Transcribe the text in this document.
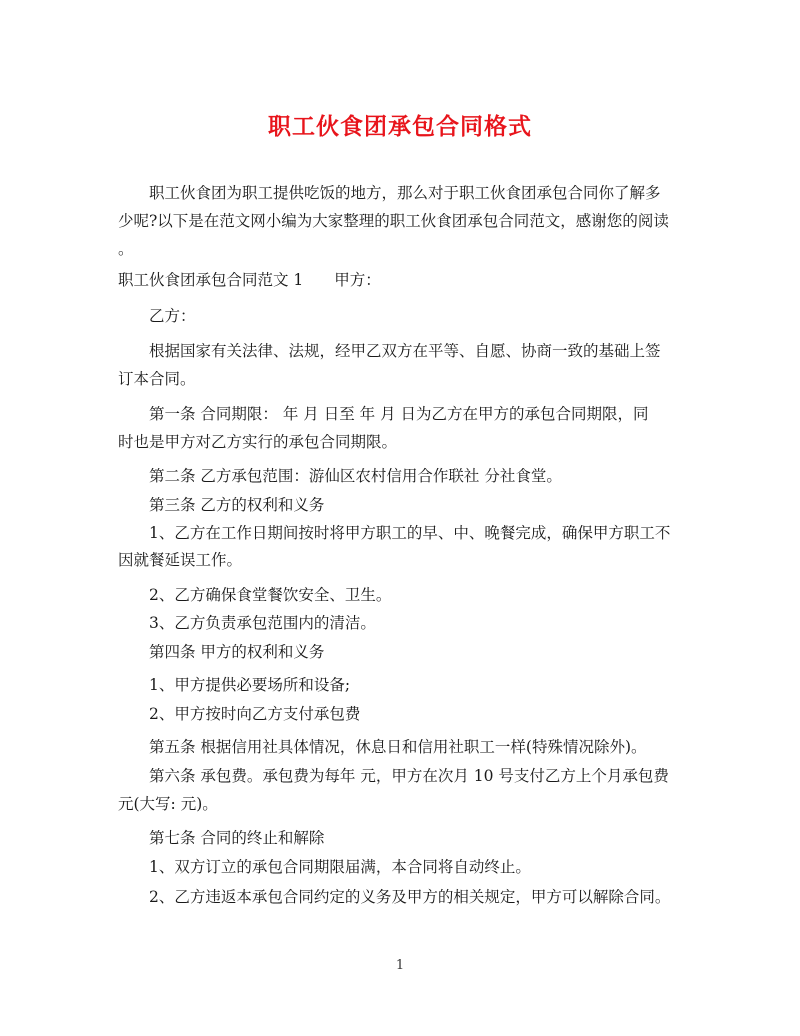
职工伙食团承包合同格式
职工伙食团为职工提供吃饭的地方，那么对于职工伙食团承包合同你了解多
少呢?以下是在范文网小编为大家整理的职工伙食团承包合同范文，感谢您的阅读
。
职工伙食团承包合同范文 1　　甲方：
乙方：
根据国家有关法律、法规，经甲乙双方在平等、自愿、协商一致的基础上签
订本合同。
第一条 合同期限： 年 月 日至 年 月 日为乙方在甲方的承包合同期限，同
时也是甲方对乙方实行的承包合同期限。
第二条 乙方承包范围：游仙区农村信用合作联社 分社食堂。
第三条 乙方的权利和义务
1、乙方在工作日期间按时将甲方职工的早、中、晚餐完成，确保甲方职工不
因就餐延误工作。
2、乙方确保食堂餐饮安全、卫生。
3、乙方负责承包范围内的清洁。
第四条 甲方的权利和义务
1、甲方提供必要场所和设备;
2、甲方按时向乙方支付承包费
第五条 根据信用社具体情况，休息日和信用社职工一样(特殊情况除外)。
第六条 承包费。承包费为每年 元，甲方在次月 10 号支付乙方上个月承包费
元(大写: 元)。
第七条 合同的终止和解除
1、双方订立的承包合同期限届满，本合同将自动终止。
2、乙方违返本承包合同约定的义务及甲方的相关规定，甲方可以解除合同。
1
